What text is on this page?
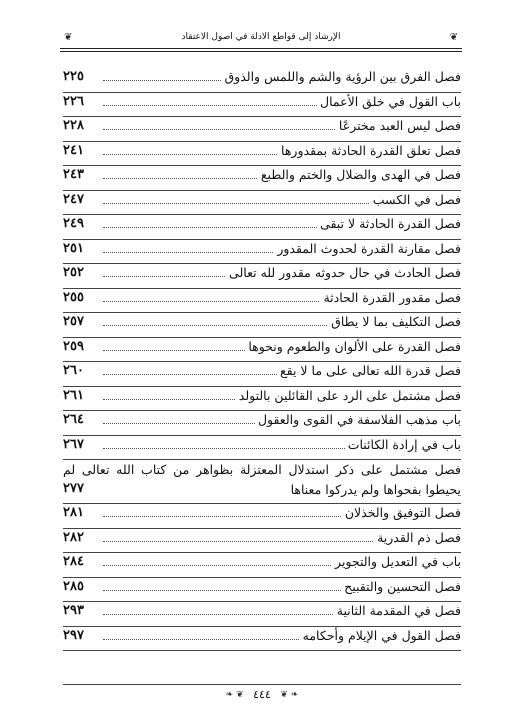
❦	الإرشاد إلى قواطع الأدلة في أصول الاعتقاد	❦
فصل الفرق بين الرؤية والشم واللمس والذوق
٢٢٥
باب القول في خلق الأعمال
٢٢٦
فصل ليس العبد مخترعًا
٢٢٨
فصل تعلق القدرة الحادثة بمقدورها
٢٤١
فصل في الهدى والضلال والختم والطبع
٢٤٣
فصل في الكسب
٢٤٧
فصل القدرة الحادثة لا تبقى
٢٤٩
فصل مقارنة القدرة لحدوث المقدور
٢٥١
فصل الحادث في حال حدوثه مقدور لله تعالى
٢٥٢
فصل مقدور القدرة الحادثة
٢٥٥
فصل التكليف بما لا يطاق
٢٥٧
فصل القدرة على الألوان والطعوم ونحوها
٢٥٩
فصل قدرة الله تعالى على ما لا يقع
٢٦٠
فصل مشتمل على الرد على القائلين بالتولد
٢٦١
باب مذهب الفلاسفة في القوى والعقول
٢٦٤
باب في إرادة الكائنات
٢٦٧
فصل مشتمل على ذكر استدلال المعتزلة بظواهر من كتاب الله تعالى لم يحيطوا بفحواها ولم يدركوا معناها
٢٧٧
فصل التوفيق والخذلان
٢٨١
فصل ذم القدرية
٢٨٢
باب في التعديل والتجوير
٢٨٤
فصل التحسين والتقبيح
٢٨٥
فصل في المقدمة الثانية
٢٩٣
فصل القول في الإيلام وأحكامه
٢٩٧
❧ ❦ ٤٤٤ ❦ ❧
